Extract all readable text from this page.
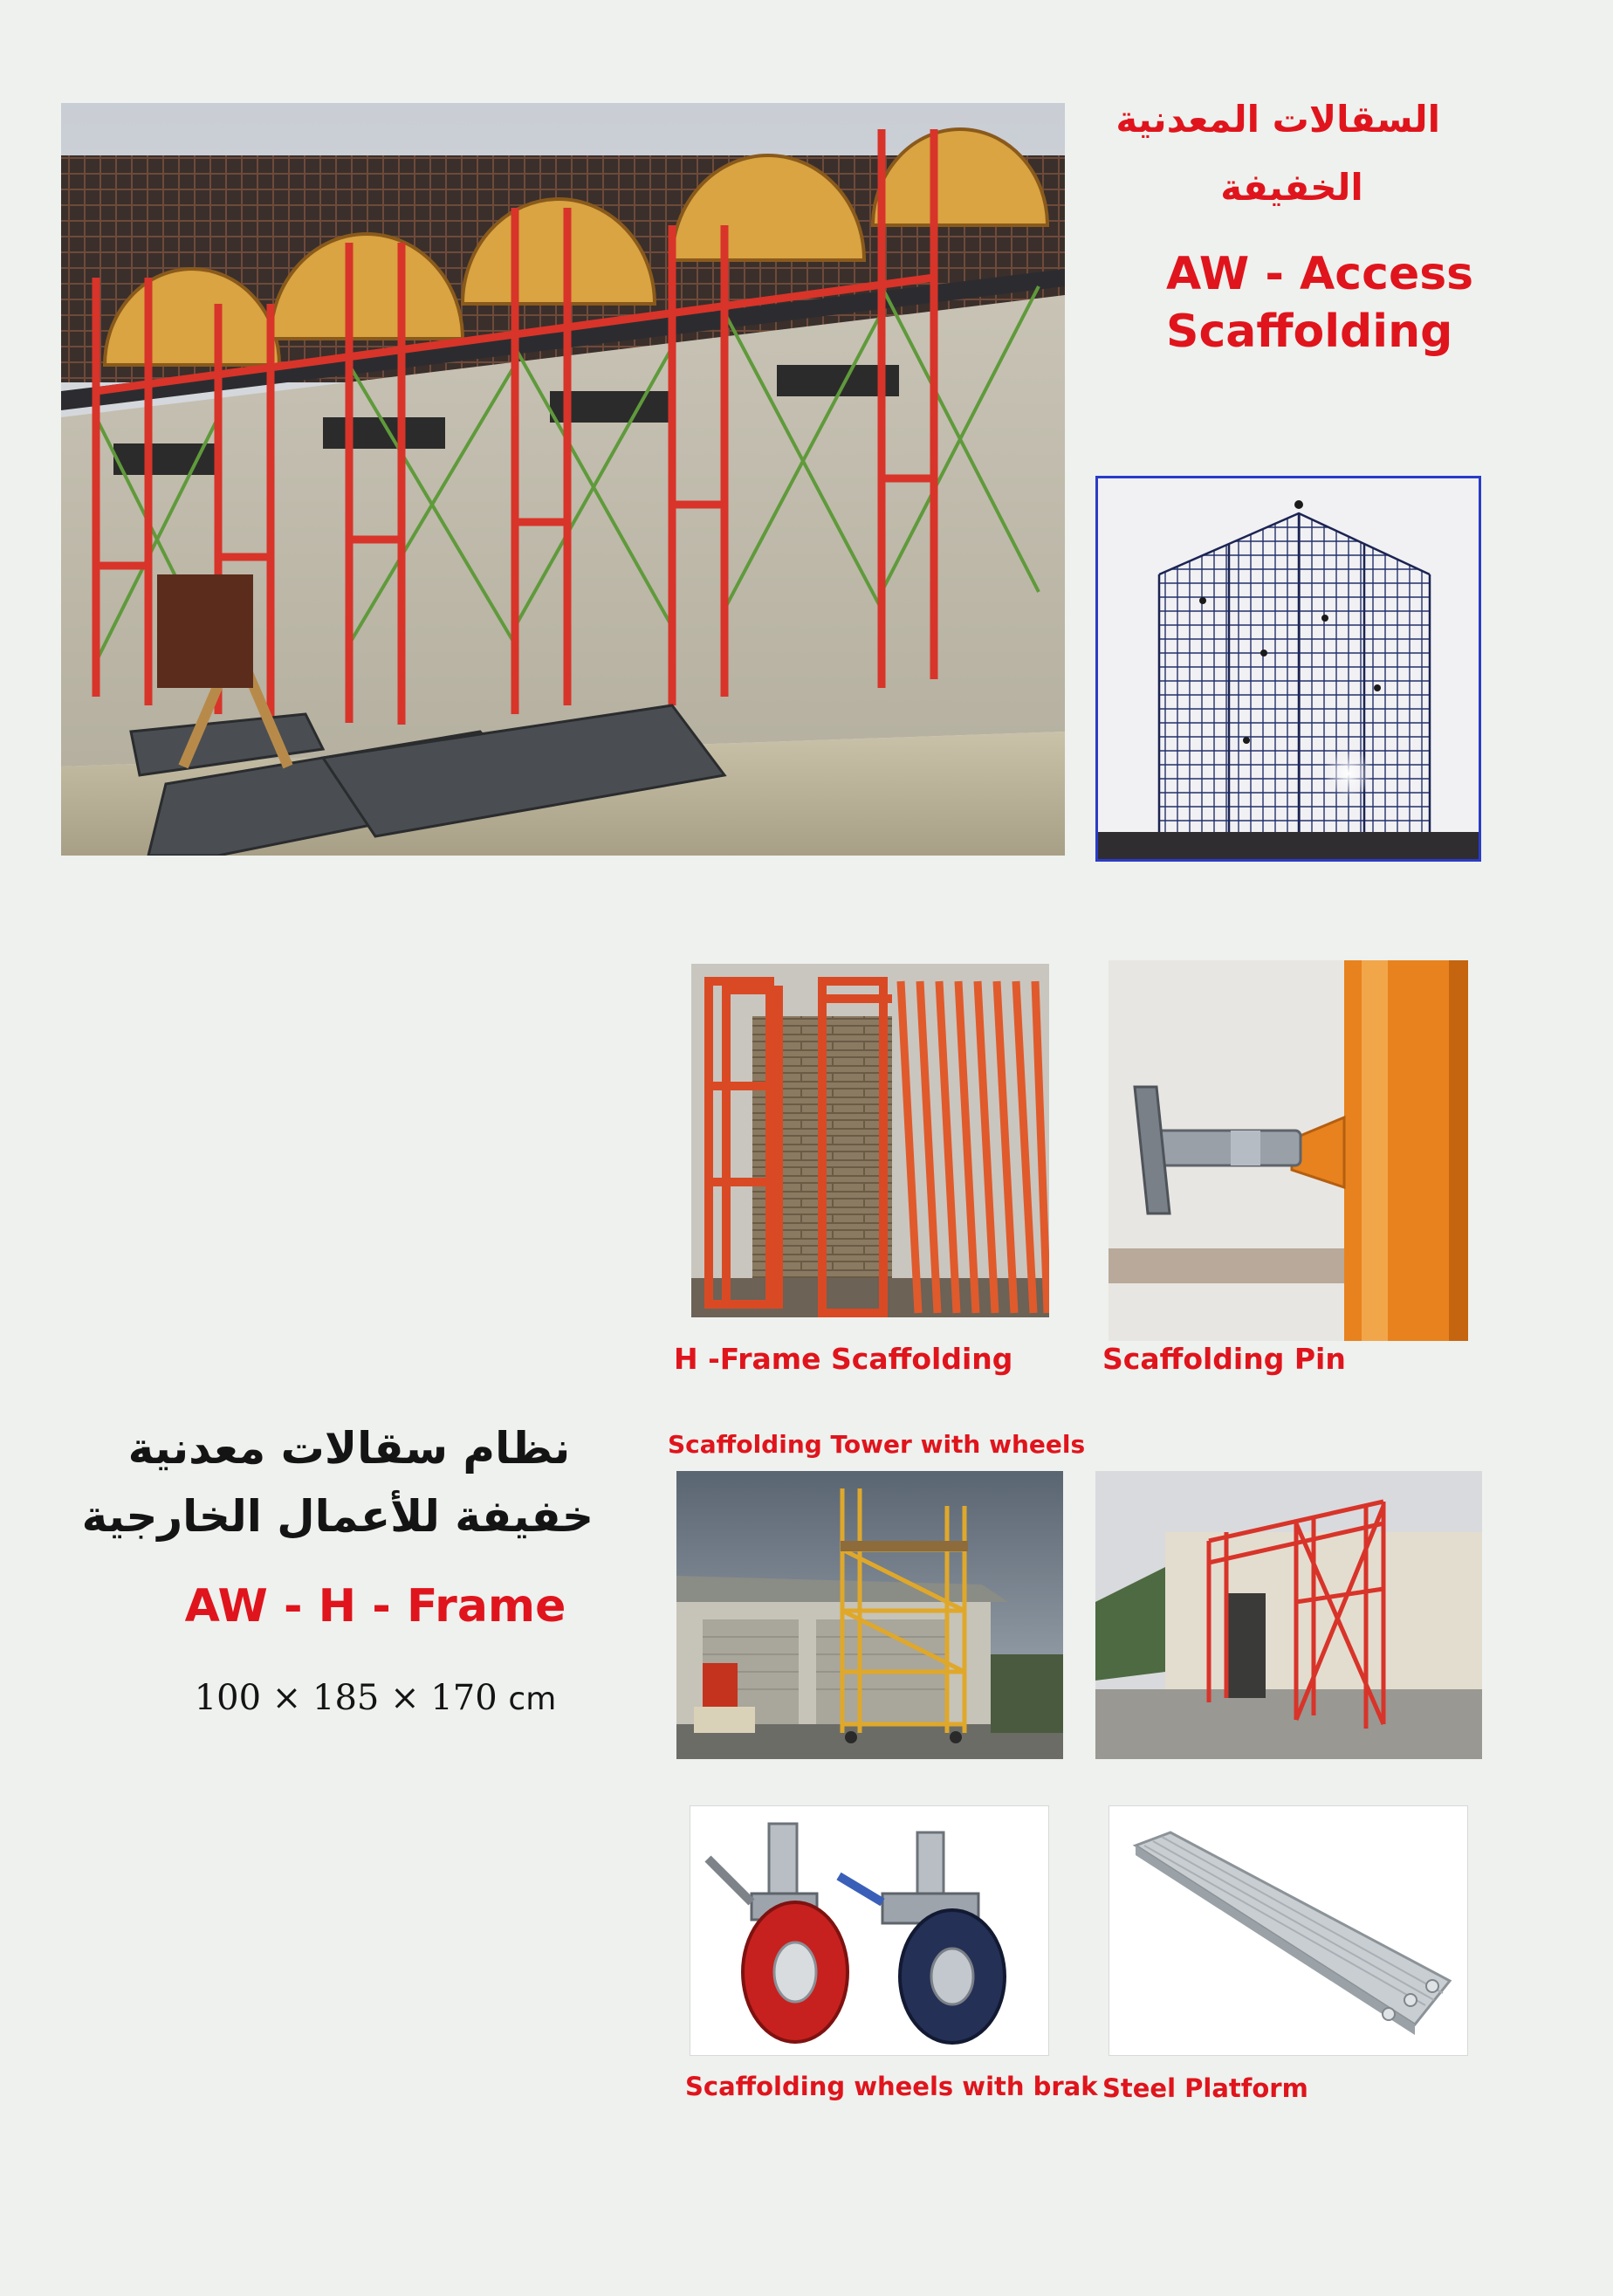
السقالات المعدنية
الخفيفة
AW - Access
Scaffolding
H -Frame Scaffolding	Scaffolding Pin
نظام سقالات معدنية
خفيفة للأعمال الخارجية
AW - H - Frame
100 × 185 × 170 cm
Scaffolding Tower with wheels
Scaffolding wheels with brak Steel Platform
